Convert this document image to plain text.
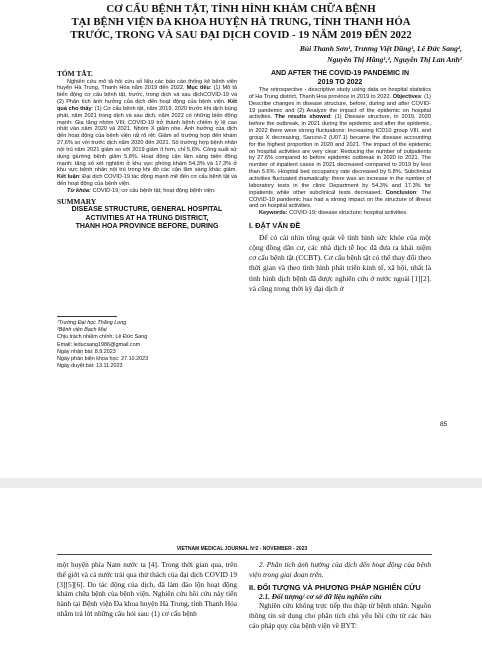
CƠ CẤU BỆNH TẬT, TÌNH HÌNH KHÁM CHỮA BỆNH
TẠI BỆNH VIỆN ĐA KHOA HUYỆN HÀ TRUNG, TỈNH THANH HÓA
TRƯỚC, TRONG VÀ SAU ĐẠI DỊCH COVID - 19 NĂM 2019 ĐẾN 2022
Bùi Thanh Sơn¹, Trương Việt Dũng¹, Lê Đức Sang²,
Nguyễn Thị Hằng¹,², Nguyễn Thị Lan Anh¹
TÓM TẮT.
Nghiên cứu mô tả hồi cứu số liệu các báo cáo thống kê bệnh viện huyện Hà Trung, Thanh Hóa năm 2019 đến 2022. Mục tiêu: (1) Mô tả biến động cơ cấu bệnh tật, trước, trong dịch và sau dịchCOVID-19 và (2) Phân tích ảnh hưởng của dịch đến hoạt động của bệnh viện. Kết quả cho thấy: (1) Cơ cấu bệnh tật, năm 2019, 2020 trước khi dịch bùng phát, năm 2021 trong dịch và sau dịch, năm 2022 có những biến động mạnh: Gia tăng nhóm VIII, COVID-19 trở thành bệnh chiếm tỷ lệ cao nhất vào năm 2020 và 2021. Nhóm X giảm nhẹ. Ảnh hưởng của dịch đến hoạt động của bệnh viện rất rõ rệt: Giảm số trường hợp đến khám 27,6% so với trước dịch năm 2020 đến 2021. Số trường hợp bệnh nhân nội trú năm 2021 giảm so với 2019 giảm ít hơn, chỉ 5,6%. Công suất sử dụng giường bệnh giảm 5,8%. Hoạt động cận lâm sàng biến động mạnh: tăng số xét nghiệm ở khu vực phòng khám 54,3% và 17,3% ở khu vực bệnh nhân nội trú trong khi đó các cận lâm sàng khác giảm. Kết luận: Đại dịch COVID-19 tác động mạnh mẽ đến cơ cấu bệnh tật và đến hoạt động của bệnh viện.
Từ khóa: COVID-19; cơ cấu bệnh tật; hoạt động bệnh viện.
SUMMARY
DISEASE STRUCTURE, GENERAL HOSPITAL
ACTIVITIES AT HA TRUNG DISTRICT,
THANH HOA PROVINCE BEFORE, DURING
¹Trường Đại học Thăng Long
²Bệnh viện Bạch Mai
Chịu trách nhiệm chính: Lê Đức Sang
Email: leducsang1986@gmail.com
Ngày nhận bài: 8.9.2023
Ngày phản biện khoa học: 27.10.2023
Ngày duyệt bài: 13.11.2023
AND AFTER THE COVID-19 PANDEMIC IN
2019 TO 2022
The retrospective - descriptive study using data on hospital statistics of Ha Trung district, Thanh Hoa province in 2019 to 2022. Objectives: (1) Describe changes in disease structure, before, during and after COVID-19 pandemic and (2) Analyze the impact of the epidemic on hospital activities. The results showed: (1) Disease structure, in 2019, 2020 before the outbreak, in 2021 during the epidemic and after the epidemic, in 2022 there were strong fluctuations: Increasing ICD10 group VIII, and group X decreasing, Sarcovi-2 (U07.1) became the disease accounting for the highest proportion in 2020 and 2021. The impact of the epidemic on hospital activities are very clear: Reducing the number of outpatients by 27.6% compared to before epidemic outbreak in 2020 to 2021. The number of inpatient cases in 2021 decreased compared to 2019 by less than 5.6%. Hospital bed occupancy rate decreased by 5.8%. Subclinical activities fluctuated dramatically: there was an increase in the number of laboratory tests in the clinic Department by 54.3% and 17.3% for inpatients while other subclinical tests decreased. Conclusion: The COVID-19 pandemic has had a strong impact on the structure of illness and on hospital activities.
Keywords: COVID-19; disease structure; hospital activities.
I. ĐẶT VẤN ĐỀ
Để có cái nhìn tổng quát về tình hình sức khỏe của một cộng đồng dân cư, các nhà dịch tễ học đã đưa ra khái niệm cơ cấu bệnh tật (CCBT). Cơ cấu bệnh tật có thể thay đổi theo thời gian và theo tình hình phát triển kinh tế, xã hội, nhất là tình hình dịch bệnh đã được nghiên cứu ở nước ngoài [1][2]. và cũng trong thời kỳ đại dịch ở
85
VIETNAM MEDICAL JOURNAL Nº2 - NOVEMBER - 2023
một huyện phía Nam nước ta [4]. Trong thời gian qua, trên thế giới và cả nước trải qua thử thách của đại dịch COVID 19 [3][5][6]. Do tác động của dịch, đã làm đảo lộn hoạt động khám chữa bệnh của bệnh viện. Nghiên cứu hồi cứu này tiến hành tại Bệnh viện Đa khoa huyện Hà Trung, tỉnh Thanh Hóa nhằm trả lời những câu hỏi sau: (1) cơ cấu bệnh
2. Phân tích ảnh hưởng của dịch đến hoạt động của bệnh viện trong giai đoạn trên.
II. ĐỐI TƯỢNG VÀ PHƯƠNG PHÁP NGHIÊN CỨU
2.1. Đối tượng/ cơ sở dữ liệu nghiên cứu
Nghiên cứu không trực tiếp thu thập từ bệnh nhân. Nguồn thông tin sử dụng cho phân tích chủ yếu hồi cứu từ các báo cáo pháp quy của bệnh viện về BYT:
